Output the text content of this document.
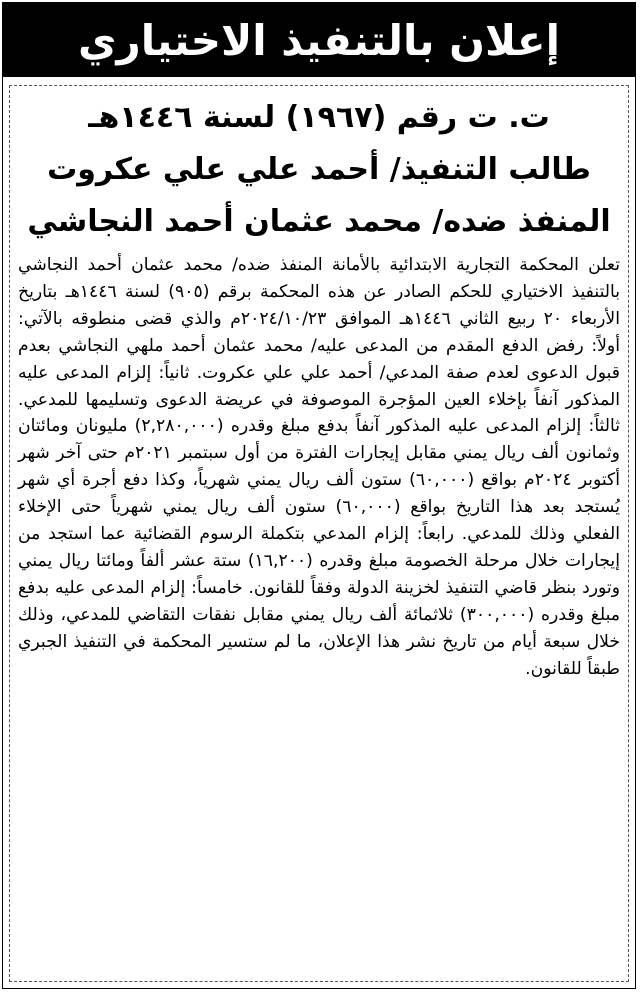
إعلان بالتنفيذ الاختياري
ت. ت رقم (١٩٦٧) لسنة ١٤٤٦هـ
طالب التنفيذ/ أحمد علي علي عكروت
المنفذ ضده/ محمد عثمان أحمد النجاشي

تعلن المحكمة التجارية الابتدائية بالأمانة المنفذ ضده/ محمد عثمان أحمد النجاشي بالتنفيذ الاختياري للحكم الصادر عن هذه المحكمة برقم (٩٠٥) لسنة ١٤٤٦هـ بتاريخ الأربعاء ٢٠ ربيع الثاني ١٤٤٦هـ الموافق ٢٠٢٤/١٠/٢٣م والذي قضى منطوقه بالآتي: أولاً: رفض الدفع المقدم من المدعى عليه/ محمد عثمان أحمد ملهي النجاشي بعدم قبول الدعوى لعدم صفة المدعي/ أحمد علي علي عكروت. ثانياً: إلزام المدعى عليه المذكور آنفاً بإخلاء العين المؤجرة الموصوفة في عريضة الدعوى وتسليمها للمدعي. ثالثاً: إلزام المدعى عليه المذكور آنفاً بدفع مبلغ وقدره (٢,٢٨٠,٠٠٠) مليونان ومائتان وثمانون ألف ريال يمني مقابل إيجارات الفترة من أول سبتمبر ٢٠٢١م حتى آخر شهر أكتوبر ٢٠٢٤م بواقع (٦٠,٠٠٠) ستون ألف ريال يمني شهرياً، وكذا دفع أجرة أي شهر يُستجد بعد هذا التاريخ بواقع (٦٠,٠٠٠) ستون ألف ريال يمني شهرياً حتى الإخلاء الفعلي وذلك للمدعي. رابعاً: إلزام المدعي بتكملة الرسوم القضائية عما استجد من إيجارات خلال مرحلة الخصومة مبلغ وقدره (١٦,٢٠٠) ستة عشر ألفاً ومائتا ريال يمني وتورد بنظر قاضي التنفيذ لخزينة الدولة وفقاً للقانون. خامساً: إلزام المدعى عليه بدفع مبلغ وقدره (٣٠٠,٠٠٠) ثلاثمائة ألف ريال يمني مقابل نفقات التقاضي للمدعي، وذلك خلال سبعة أيام من تاريخ نشر هذا الإعلان، ما لم ستسير المحكمة في التنفيذ الجبري طبقاً للقانون.
